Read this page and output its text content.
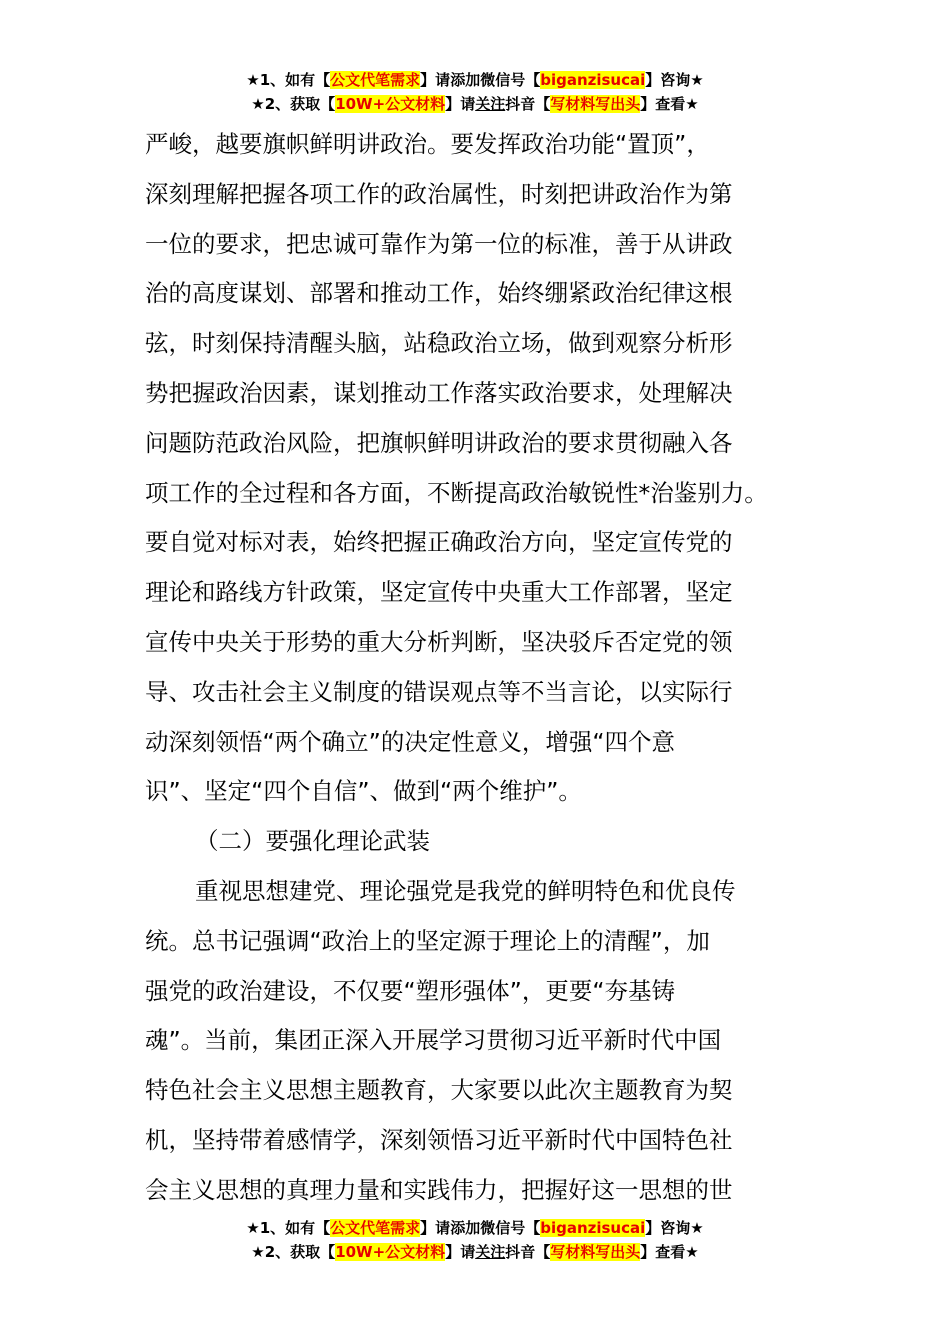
★1、如有【公文代笔需求】请添加微信号【biganzisucai】咨询★
★2、获取【10W+公文材料】请关注抖音【写材料写出头】查看★
严峻，越要旗帜鲜明讲政治。要发挥政治功能“置顶”，
深刻理解把握各项工作的政治属性，时刻把讲政治作为第
一位的要求，把忠诚可靠作为第一位的标准，善于从讲政
治的高度谋划、部署和推动工作，始终绷紧政治纪律这根
弦，时刻保持清醒头脑，站稳政治立场，做到观察分析形
势把握政治因素，谋划推动工作落实政治要求，处理解决
问题防范政治风险，把旗帜鲜明讲政治的要求贯彻融入各
项工作的全过程和各方面，不断提高政治敏锐性*治鉴别力。
要自觉对标对表，始终把握正确政治方向，坚定宣传党的
理论和路线方针政策，坚定宣传中央重大工作部署，坚定
宣传中央关于形势的重大分析判断，坚决驳斥否定党的领
导、攻击社会主义制度的错误观点等不当言论，以实际行
动深刻领悟“两个确立”的决定性意义，增强“四个意
识”、坚定“四个自信”、做到“两个维护”。
（二）要强化理论武装
重视思想建党、理论强党是我党的鲜明特色和优良传
统。总书记强调“政治上的坚定源于理论上的清醒”，加
强党的政治建设，不仅要“塑形强体”，更要“夯基铸
魂”。当前，集团正深入开展学习贯彻习近平新时代中国
特色社会主义思想主题教育，大家要以此次主题教育为契
机，坚持带着感情学，深刻领悟习近平新时代中国特色社
会主义思想的真理力量和实践伟力，把握好这一思想的世
★1、如有【公文代笔需求】请添加微信号【biganzisucai】咨询★
★2、获取【10W+公文材料】请关注抖音【写材料写出头】查看★
